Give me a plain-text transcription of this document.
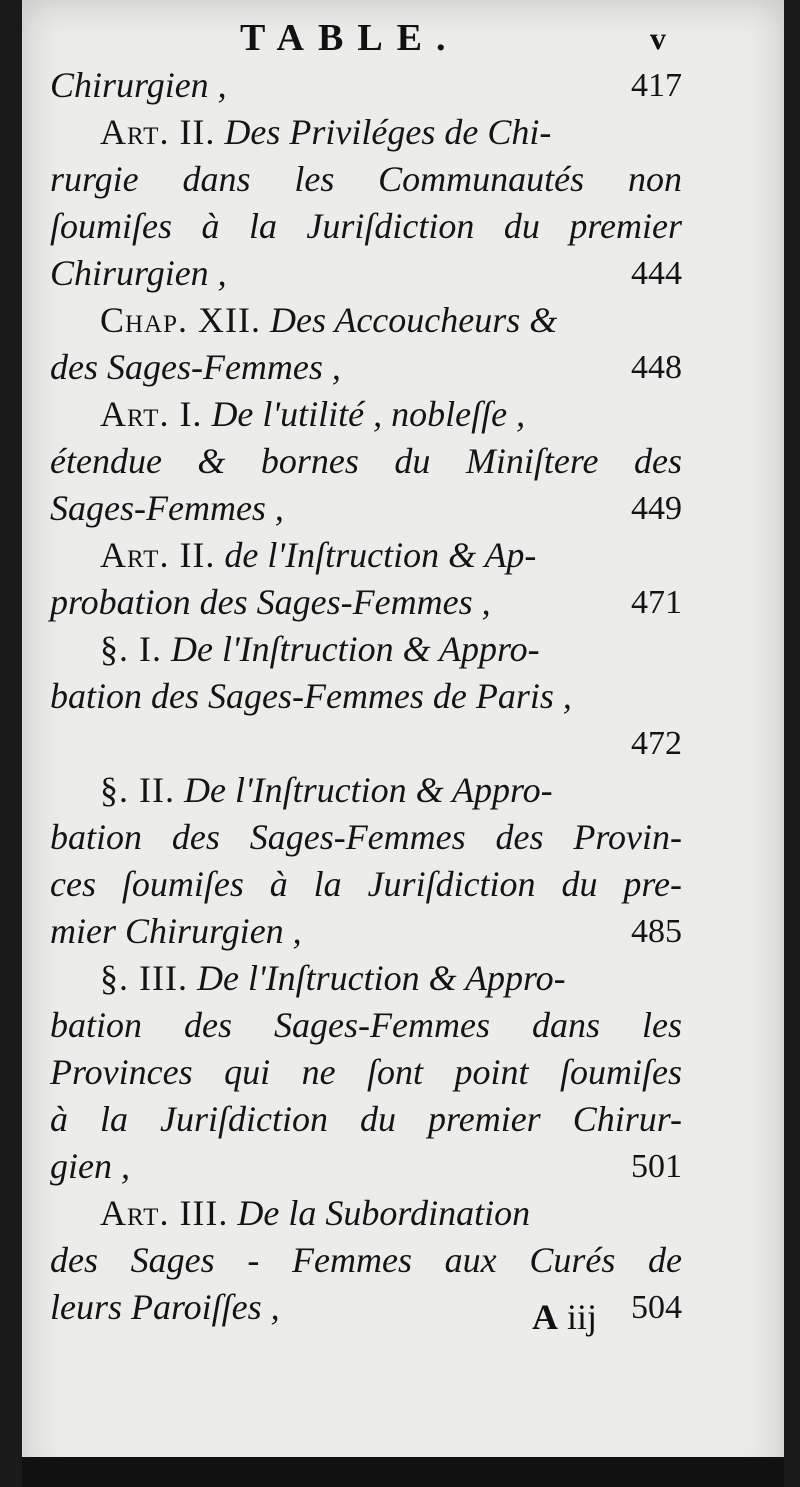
TABLE.	v
Chirurgien ,	417
Art. II. Des Priviléges de Chi-
rurgie dans les Communautés non
ſoumiſes à la Juriſdiction du premier
Chirurgien ,	444
Chap. XII. Des Accoucheurs &
des Sages-Femmes ,	448
Art. I. De l'utilité , nobleſſe ,
étendue & bornes du Miniſtere des
Sages-Femmes ,	449
Art. II. de l'Inſtruction & Ap-
probation des Sages-Femmes ,	471
§. I. De l'Inſtruction & Appro-
bation des Sages-Femmes de Paris ,
472
§. II. De l'Inſtruction & Appro-
bation des Sages-Femmes des Provin-
ces ſoumiſes à la Juriſdiction du pre-
mier Chirurgien ,	485
§. III. De l'Inſtruction & Appro-
bation des Sages-Femmes dans les
Provinces qui ne ſont point ſoumiſes
à la Juriſdiction du premier Chirur-
gien ,	501
Art. III. De la Subordination
des Sages - Femmes aux Curés de
leurs Paroiſſes ,	504
A iij
